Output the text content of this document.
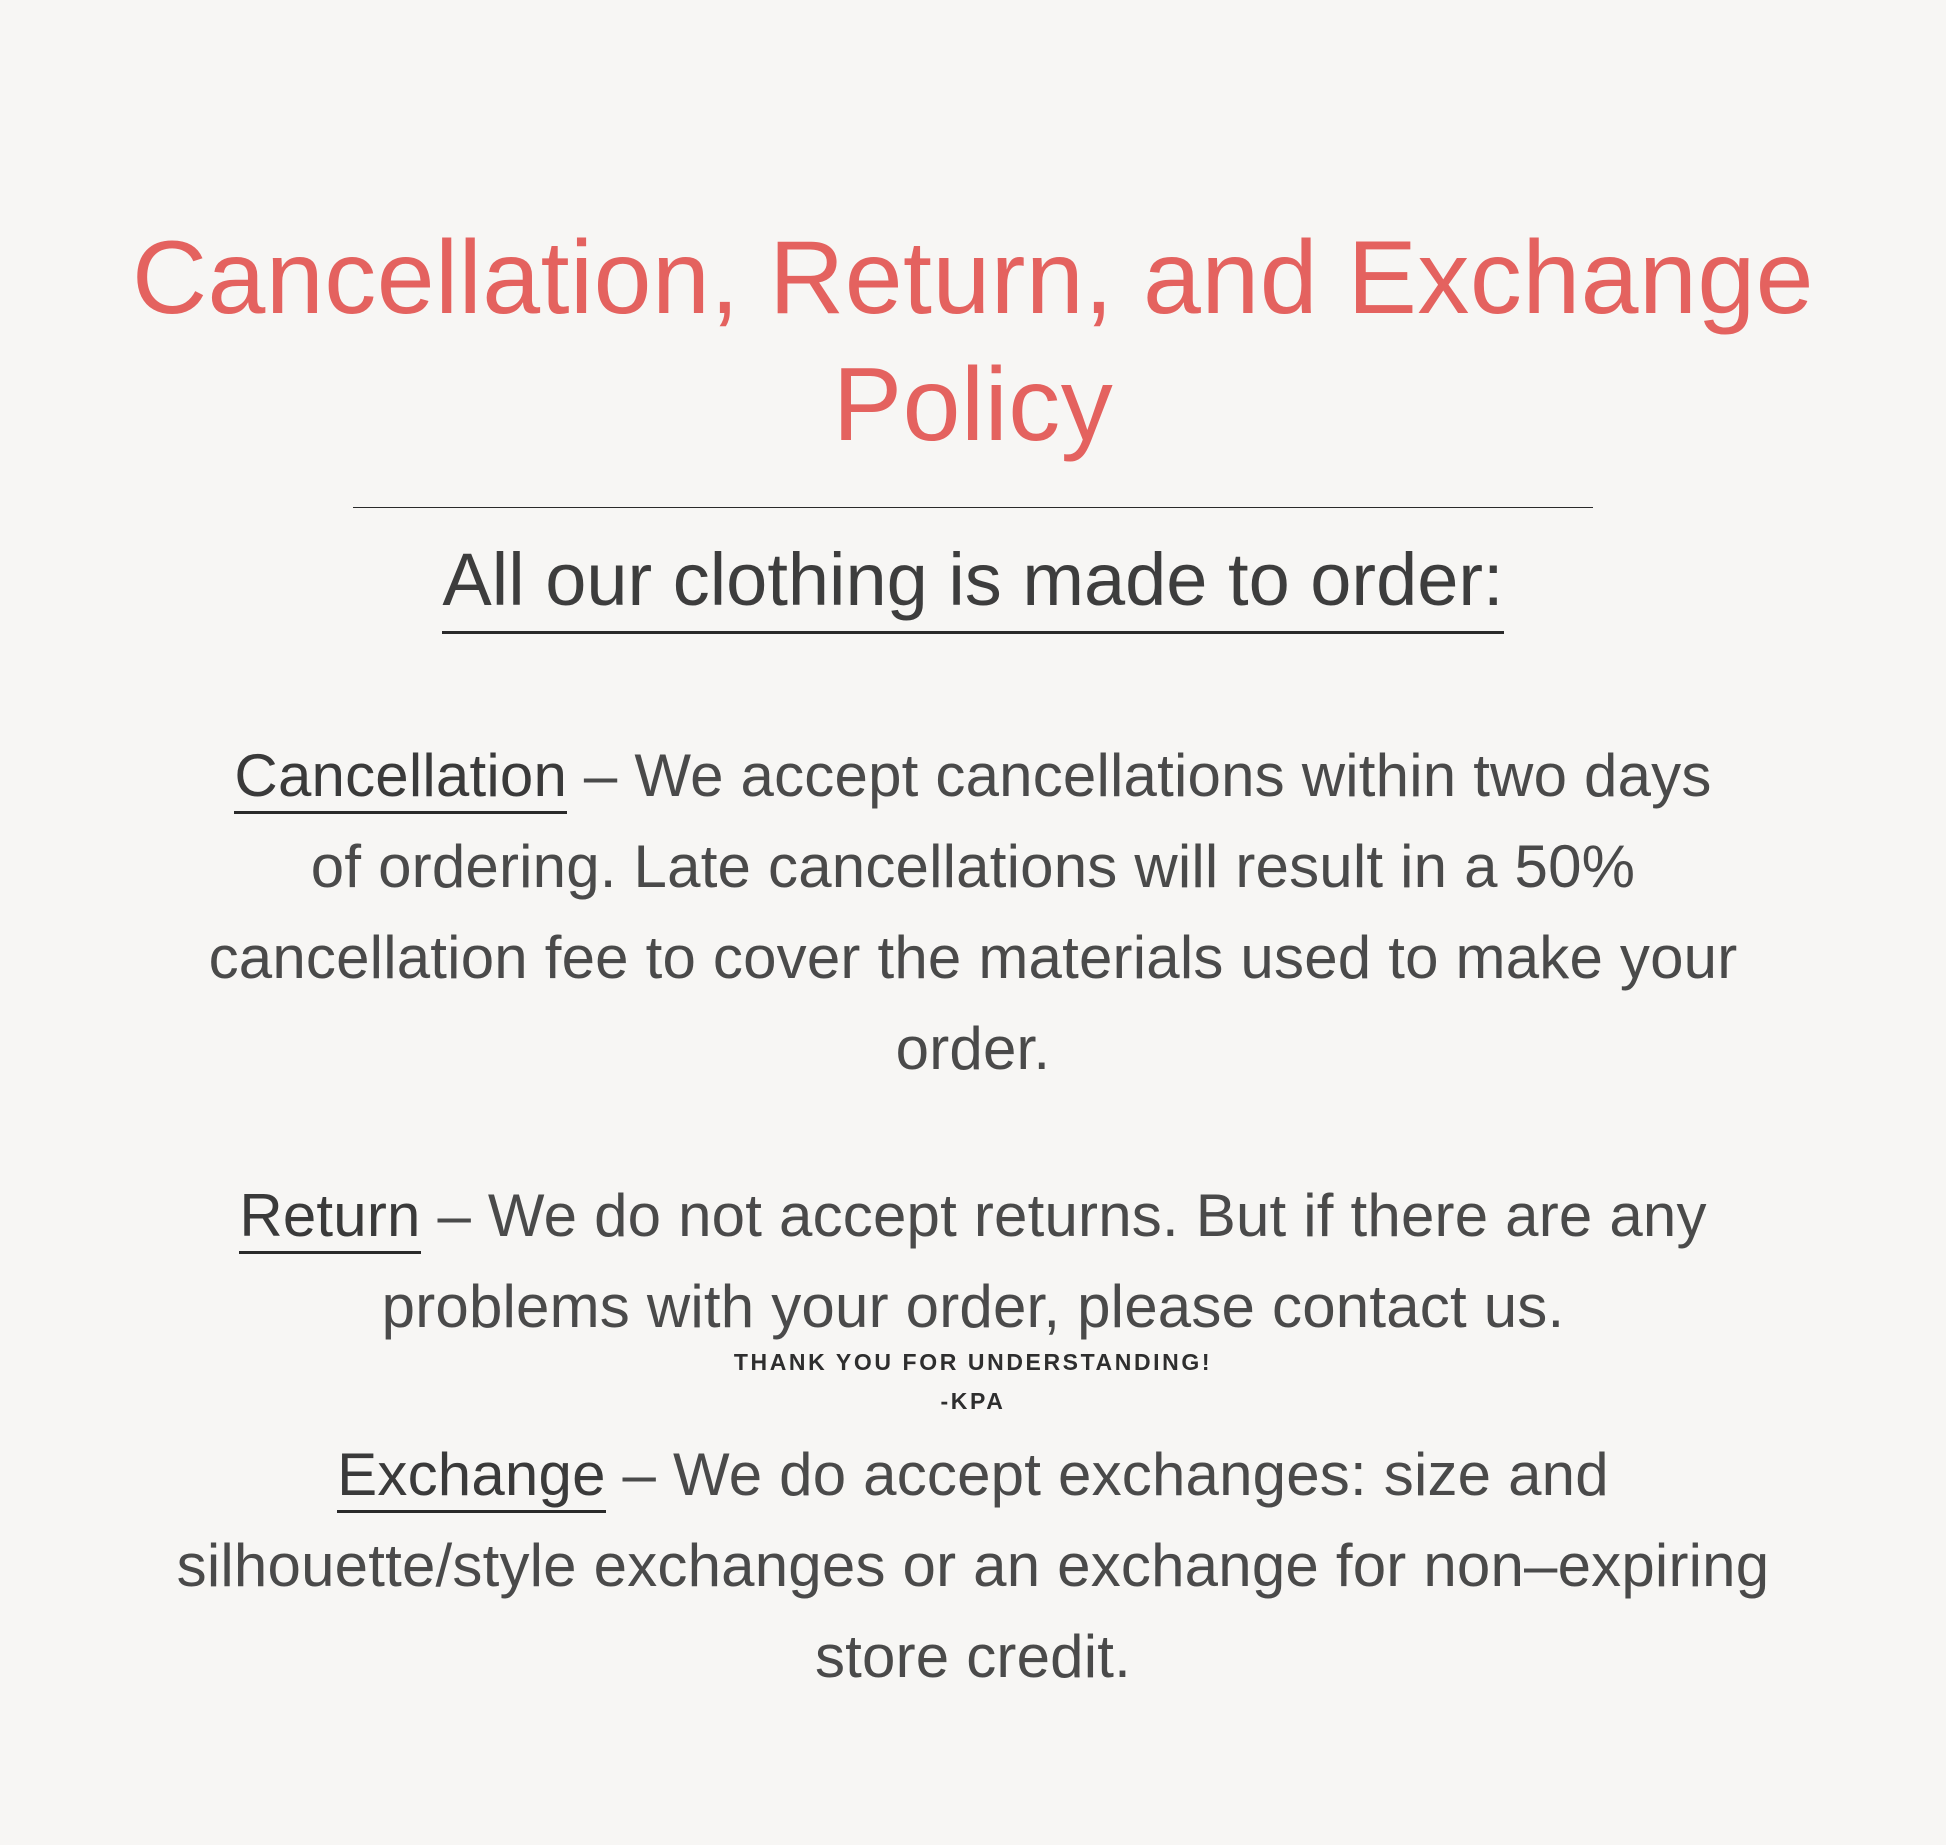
Cancellation, Return, and Exchange Policy
All our clothing is made to order:

Cancellation – We accept cancellations within two days of ordering. Late cancellations will result in a 50% cancellation fee to cover the materials used to make your order.

Return – We do not accept returns. But if there are any problems with your order, please contact us.

Exchange – We do accept exchanges: size and silhouette/style exchanges or an exchange for non–expiring store credit.

THANK YOU FOR UNDERSTANDING!
-KPA
